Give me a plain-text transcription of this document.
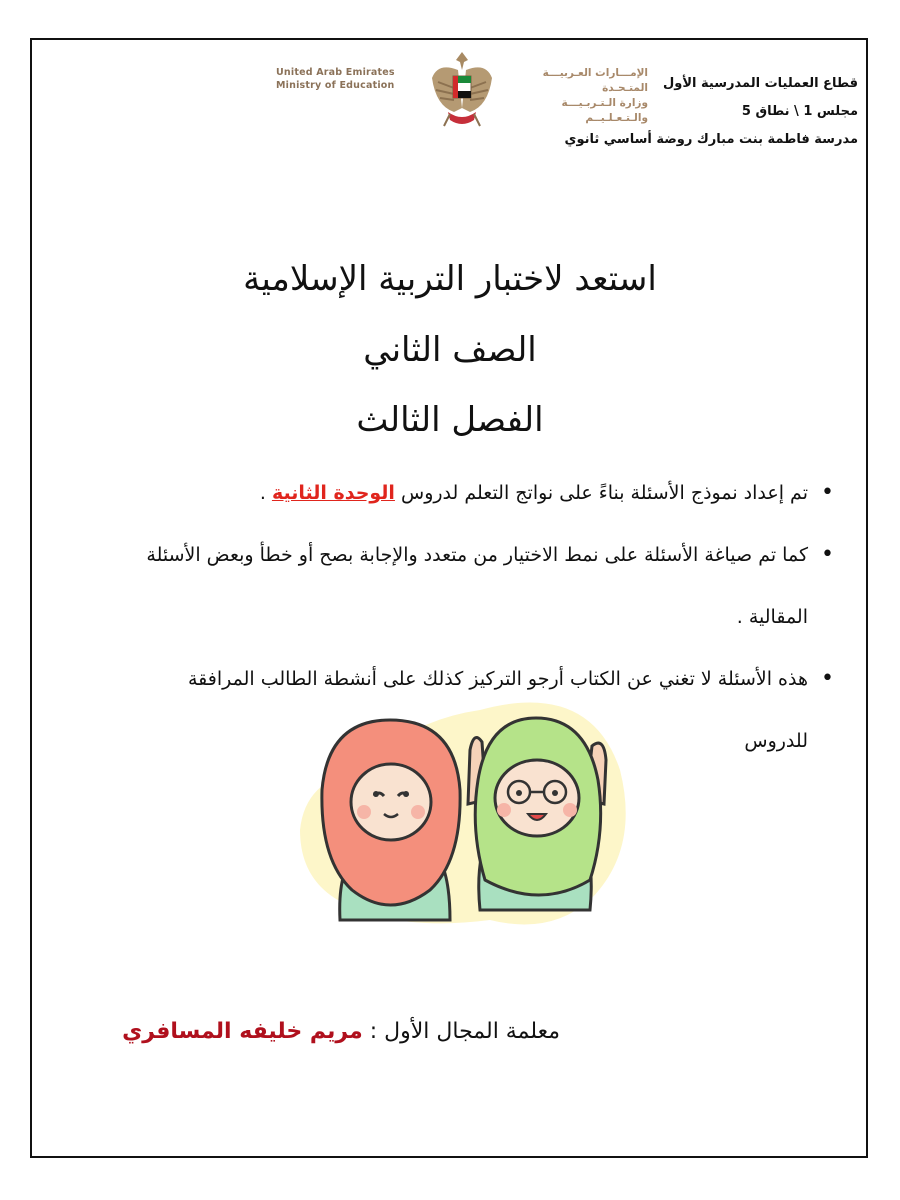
قطاع العمليات المدرسية الأول
مجلس 1 \ نطاق 5
مدرسة فاطمة بنت مبارك روضة أساسي ثانوي
الإمـــارات العـربيـــة المتـحـدة
وزارة الـتـربـيـــة والـتـعـلـيــم
United Arab Emirates
Ministry of Education
استعد لاختبار التربية الإسلامية
الصف الثاني
الفصل الثالث
•
تم إعداد نموذج الأسئلة بناءً على نواتج التعلم لدروس الوحدة الثانية .
•
كما تم صياغة الأسئلة على نمط الاختيار من متعدد والإجابة بصح أو خطأ وبعض الأسئلة المقالية .
•
هذه الأسئلة لا تغني عن الكتاب أرجو التركيز كذلك على أنشطة الطالب المرافقة للدروس
معلمة المجال الأول : مريم خليفه المسافري
